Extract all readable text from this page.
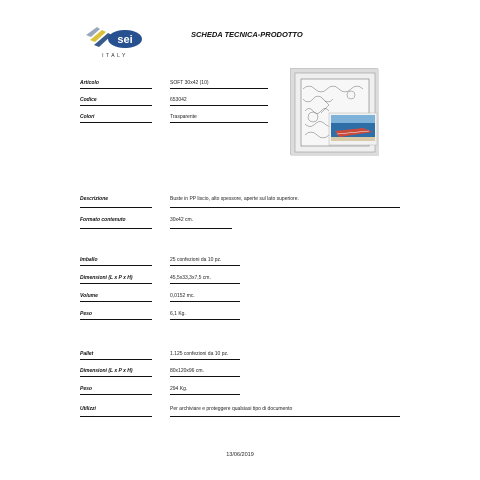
sei
ITALY
SCHEDA TECNICA-PRODOTTO
Articolo	SOFT 30x42 (10)
Codice	653042
Colori	Trasparente
Descrizione	Buste in PP liscio, alto spessore, aperte sul lato superiore.
Formato contenuto	30x42 cm.
Imballo	25 confezioni da 10 pz.
Dimensioni (L x P x H)	45,5x33,3x7,5 cm.
Volume	0,0152 mc.
Peso	6,1 Kg.
Pallet	1.125 confezioni da 10 pz.
Dimensioni (L x P x H)	80x120x96 cm.
Peso	294 Kg.
Utilizzi	Per archiviare e proteggere qualsiasi tipo di documento
13/06/2019
